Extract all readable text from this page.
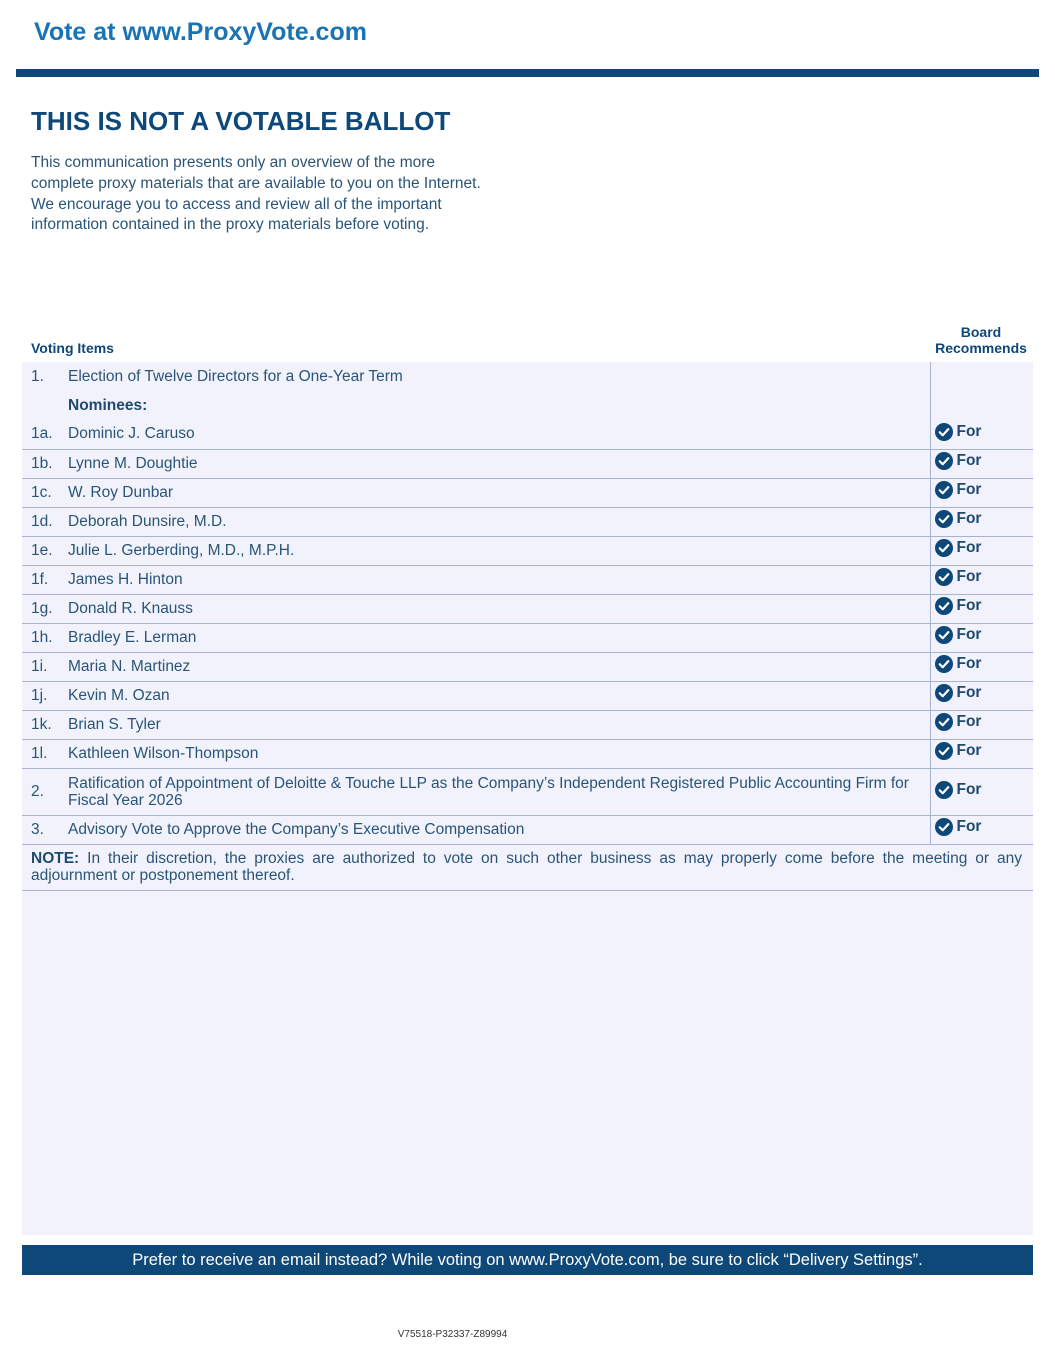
Vote at www.ProxyVote.com
THIS IS NOT A VOTABLE BALLOT

This communication presents only an overview of the more complete proxy materials that are available to you on the Internet. We encourage you to access and review all of the important information contained in the proxy materials before voting.

Voting Items
Board
Recommends
1.	Election of Twelve Directors for a One-Year Term	
	Nominees:	
1a.	Dominic J. Caruso	For

1b.	Lynne M. Doughtie	For

1c.	W. Roy Dunbar	For

1d.	Deborah Dunsire, M.D.	For

1e.	Julie L. Gerberding, M.D., M.P.H.	For

1f.	James H. Hinton	For

1g.	Donald R. Knauss	For

1h.	Bradley E. Lerman	For

1i.	Maria N. Martinez	For

1j.	Kevin M. Ozan	For

1k.	Brian S. Tyler	For

1l.	Kathleen Wilson-Thompson	For

2.	Ratification of Appointment of Deloitte & Touche LLP as the Company’s Independent Registered Public Accounting Firm for Fiscal Year 2026	For

3.	Advisory Vote to Approve the Company’s Executive Compensation	For

NOTE: In their discretion, the proxies are authorized to vote on such other business as may properly come before the meeting or any adjournment or postponement thereof.		
Prefer to receive an email instead? While voting on www.ProxyVote.com, be sure to click “Delivery Settings”.
V75518-P32337-Z89994
